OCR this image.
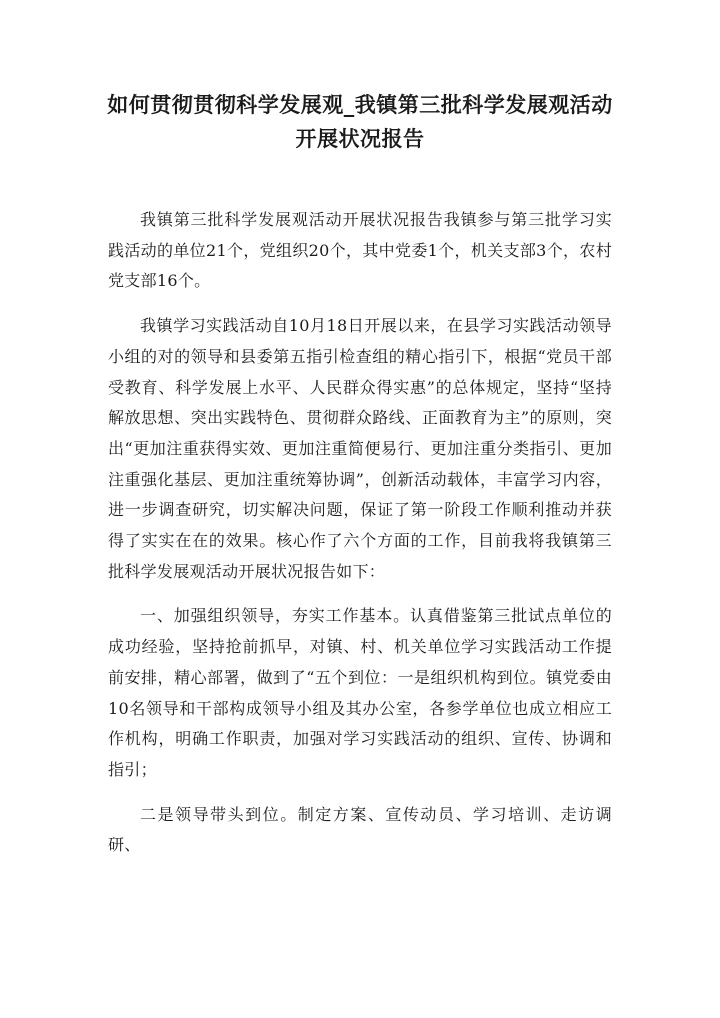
如何贯彻贯彻科学发展观_我镇第三批科学发展观活动开展状况报告

我镇第三批科学发展观活动开展状况报告我镇参与第三批学习实践活动的单位21个，党组织20个，其中党委1个，机关支部3个，农村党支部16个。

我镇学习实践活动自10月18日开展以来，在县学习实践活动领导小组的对的领导和县委第五指引检查组的精心指引下，根据“党员干部受教育、科学发展上水平、人民群众得实惠”的总体规定，坚持“坚持解放思想、突出实践特色、贯彻群众路线、正面教育为主”的原则，突出“更加注重获得实效、更加注重简便易行、更加注重分类指引、更加注重强化基层、更加注重统筹协调”，创新活动载体，丰富学习内容，进一步调查研究，切实解决问题，保证了第一阶段工作顺利推动并获得了实实在在的效果。核心作了六个方面的工作，目前我将我镇第三批科学发展观活动开展状况报告如下：

一、加强组织领导，夯实工作基本。认真借鉴第三批试点单位的成功经验，坚持抢前抓早，对镇、村、机关单位学习实践活动工作提前安排，精心部署，做到了“五个到位：一是组织机构到位。镇党委由10名领导和干部构成领导小组及其办公室，各参学单位也成立相应工作机构，明确工作职责，加强对学习实践活动的组织、宣传、协调和指引；

二是领导带头到位。制定方案、宣传动员、学习培训、走访调研、
